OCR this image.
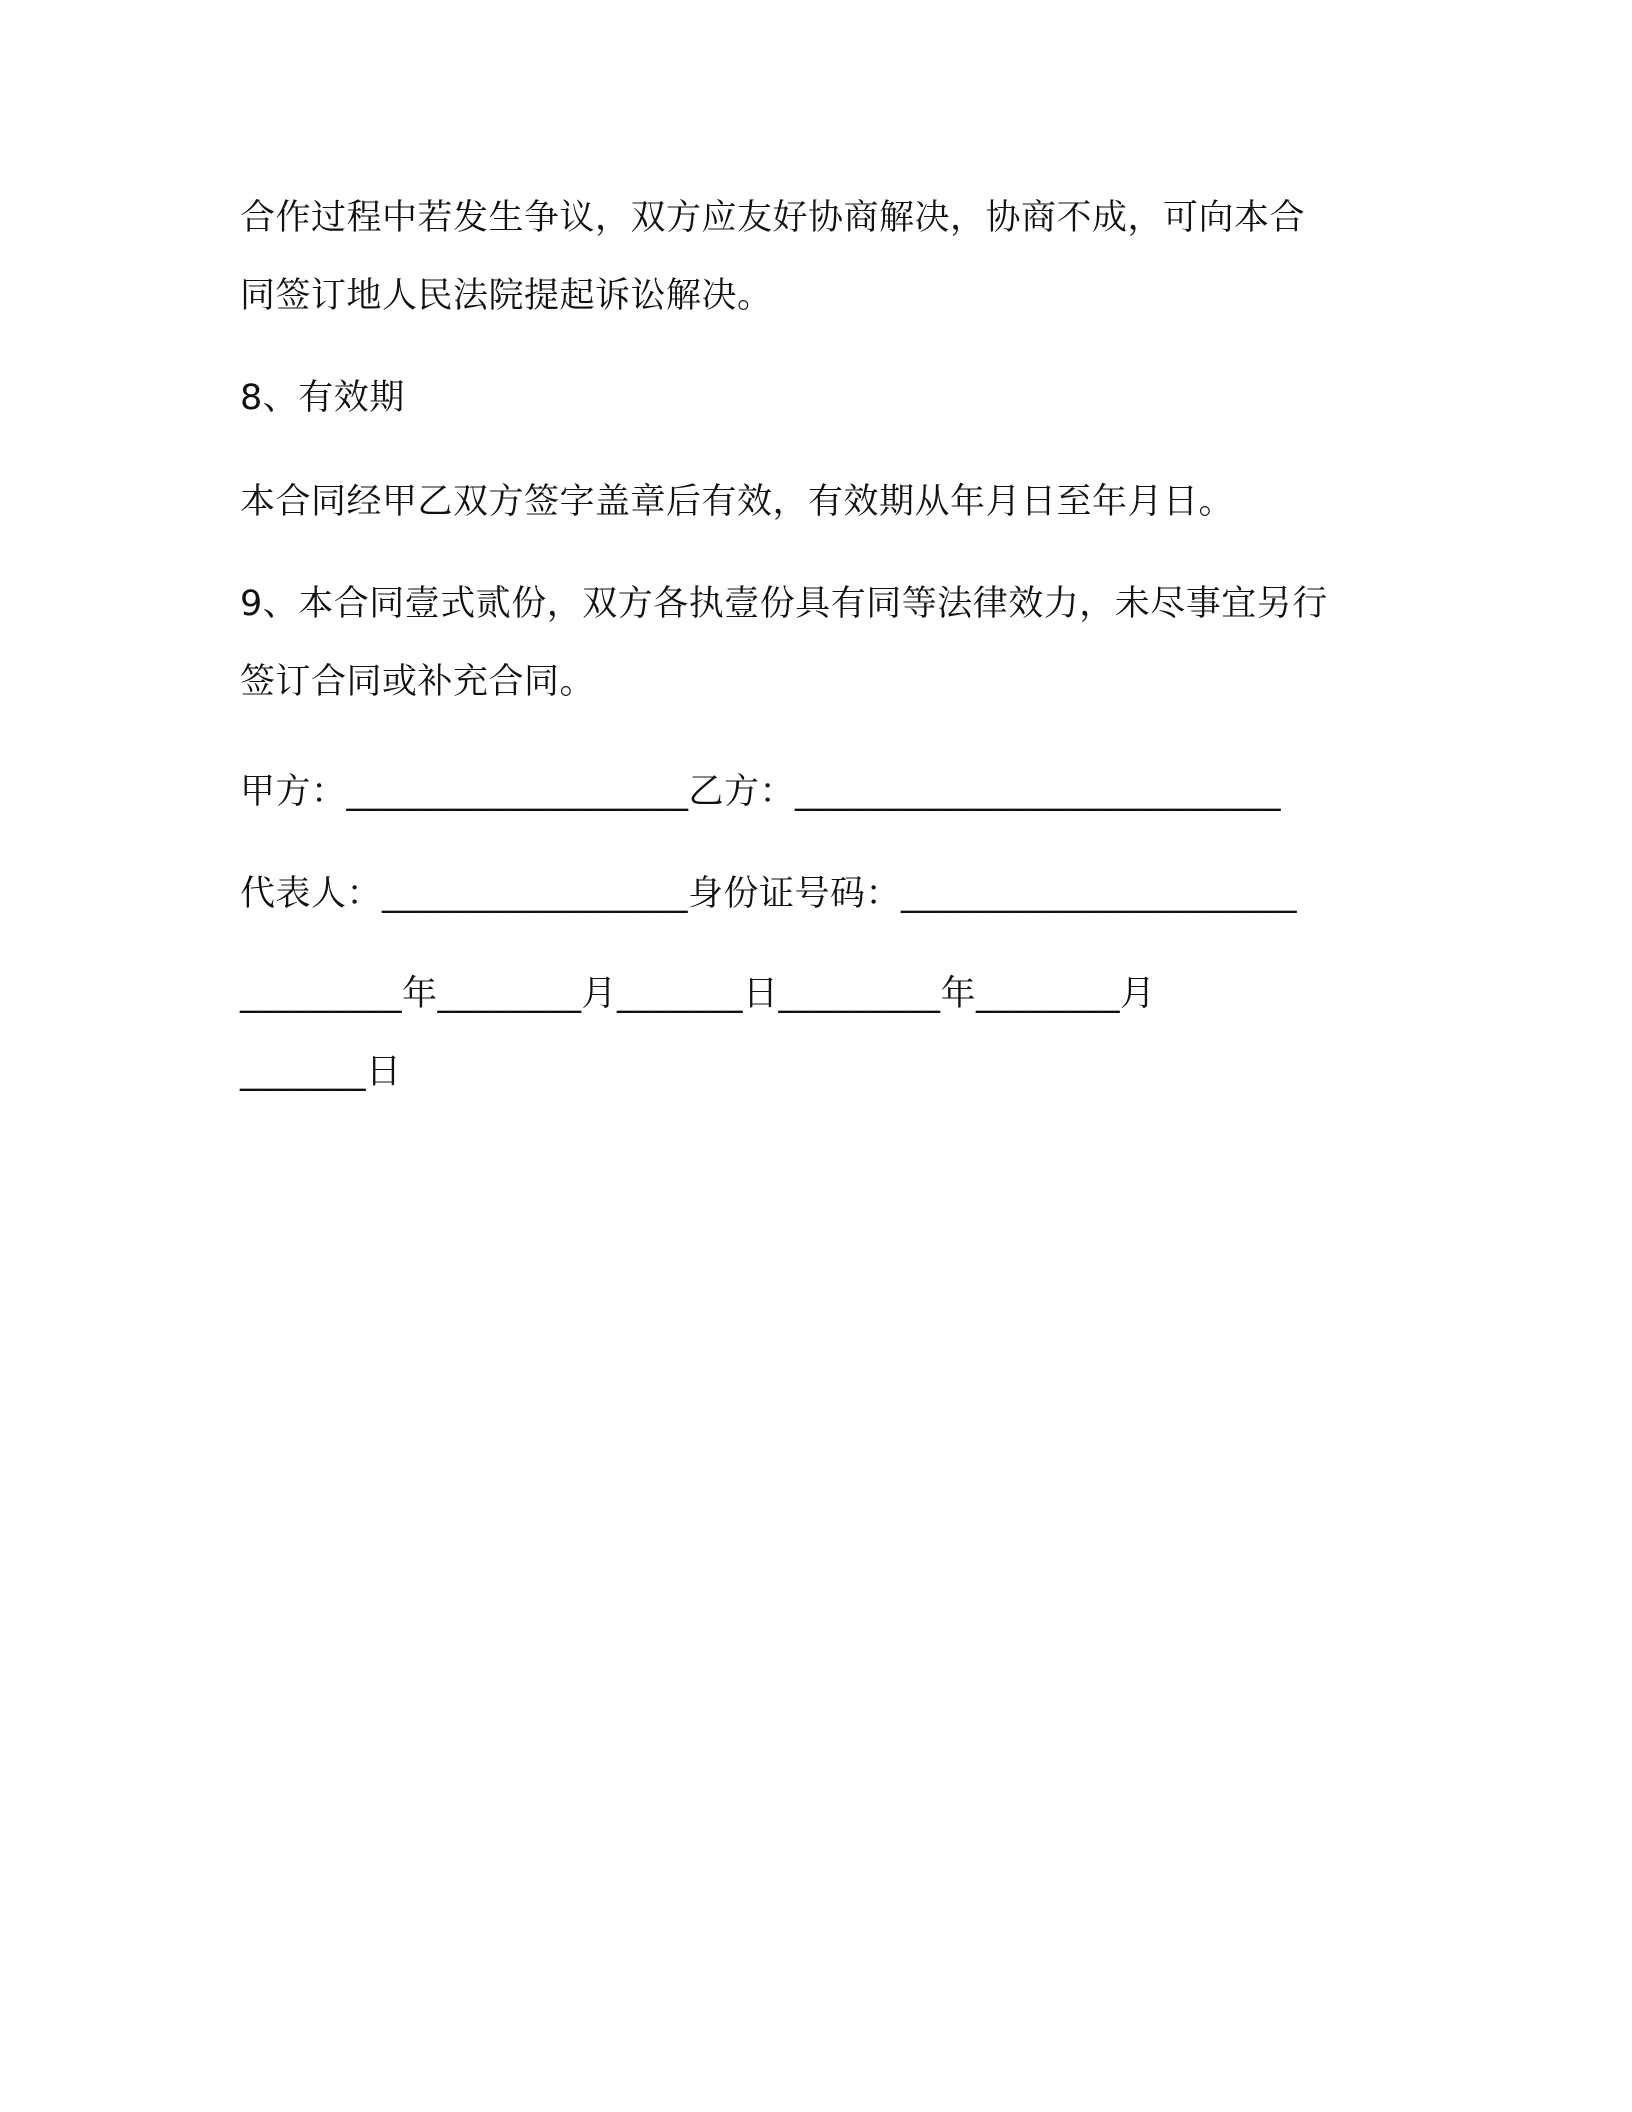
合作过程中若发生争议，双方应友好协商解决，协商不成，可向本合
同签订地人民法院提起诉讼解决。
8、有效期
本合同经甲乙双方签字盖章后有效，有效期从年月日至年月日。
9、本合同壹式贰份，双方各执壹份具有同等法律效力，未尽事宜另行
签订合同或补充合同。
甲方：___________________乙方：___________________________
代表人：_________________身份证号码：______________________
_________年________月_______日_________年________月
_______日
